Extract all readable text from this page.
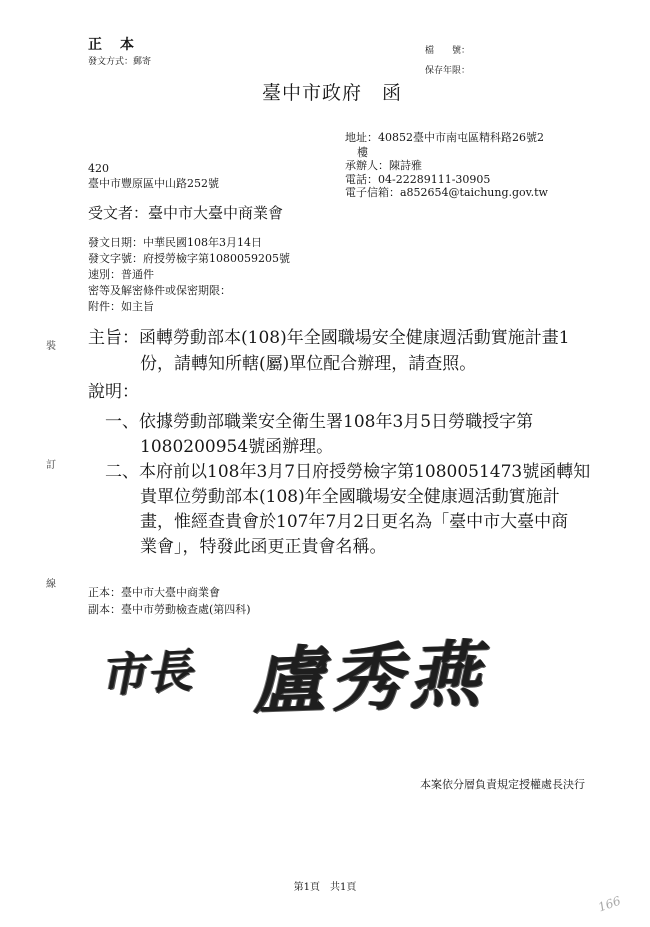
正　本
發文方式：郵寄
檔　　號：
保存年限：
臺中市政府 函
地址：40852臺中市南屯區精科路26號2
樓
承辦人：陳詩雅
電話：04-22289111-30905
電子信箱：a852654@taichung.gov.tw
420
臺中市豐原區中山路252號
受文者：臺中市大臺中商業會
發文日期：中華民國108年3月14日
發文字號：府授勞檢字第1080059205號
速別：普通件
密等及解密條件或保密期限：
附件：如主旨
裝
訂
線
主旨：函轉勞動部本(108)年全國職場安全健康週活動實施計畫1
份，請轉知所轄(屬)單位配合辦理，請查照。
說明：
一、依據勞動部職業安全衛生署108年3月5日勞職授字第
1080200954號函辦理。
二、本府前以108年3月7日府授勞檢字第1080051473號函轉知
貴單位勞動部本(108)年全國職場安全健康週活動實施計
畫，惟經查貴會於107年7月2日更名為「臺中市大臺中商
業會」，特發此函更正貴會名稱。
正本：臺中市大臺中商業會
副本：臺中市勞動檢查處(第四科)
市長 盧秀燕
本案依分層負責規定授權處長決行
第1頁　共1頁
166
